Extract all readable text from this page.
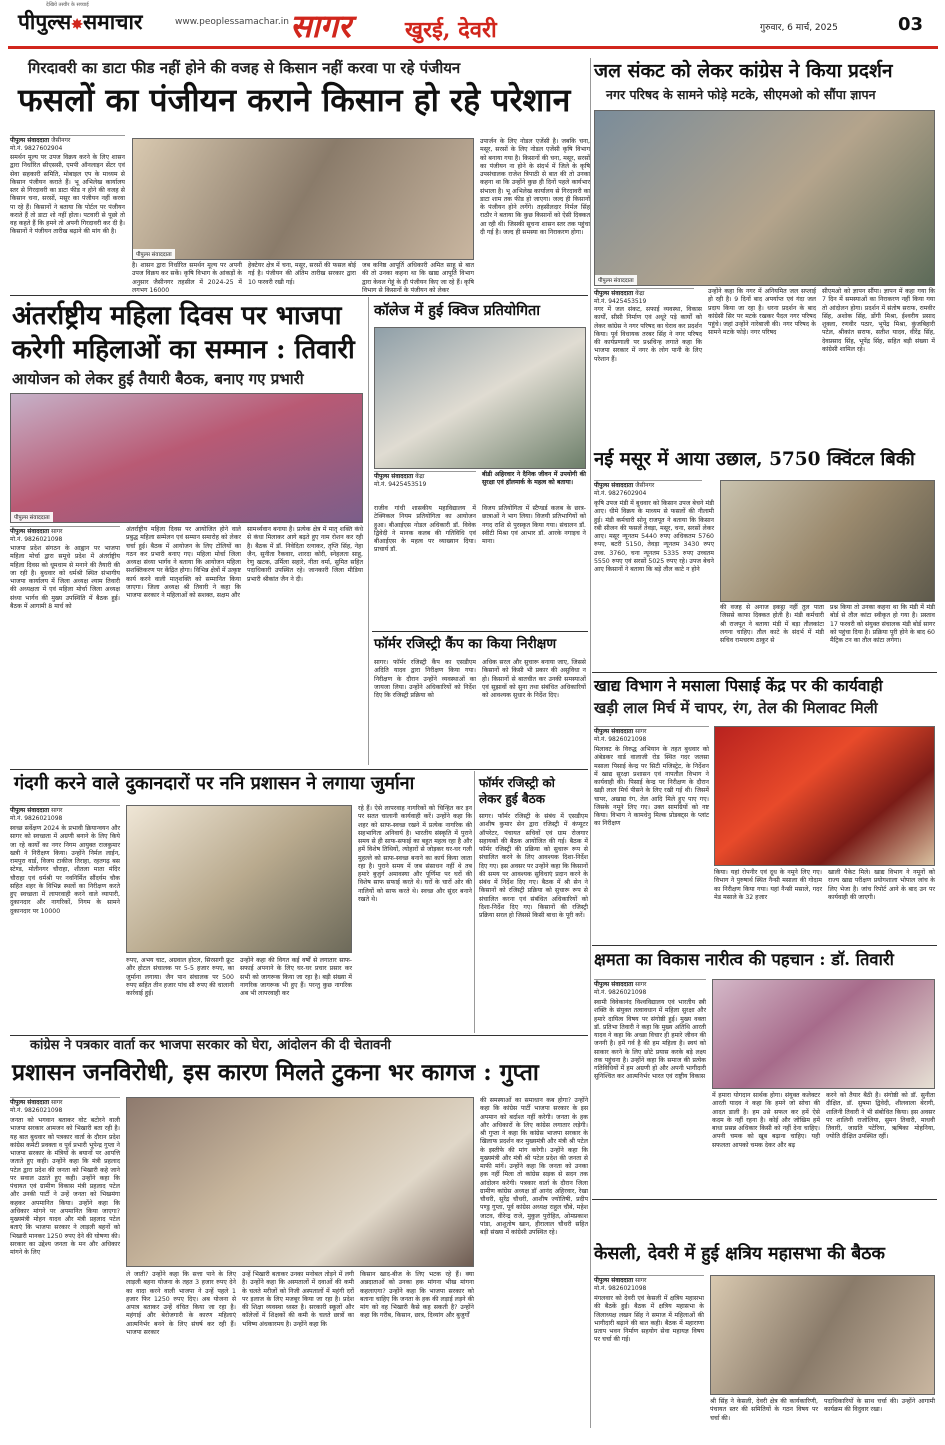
देखिये तस्वीर के सच्चाई
पीपुल्स✸समाचार	www.peoplessamachar.in सागर खुरई, देवरी	गुरुवार, 6 मार्च, 2025	03
गिरदावरी का डाटा फीड नहीं होने की वजह से किसान नहीं करवा पा रहे पंजीयन
फसलों का पंजीयन कराने किसान हो रहे परेशान
पीपुल्स संवाददाता जैसीनगर
मो.नं. 9827602904
समर्थन मूल्य पर उपज विक्रय करने के लिए शासन द्वारा निर्धारित सीएससी, एमपी ऑनलाइन सेंटर एवं सेवा सहकारी समिति, मोबाइल एप के माध्यम से किसान पंजीयन कराते हैं। भू अभिलेख कार्यालय स्तर से गिरदावरी का डाटा फीड न होने की वजह से किसान चना, सरसों, मसूर का पंजीयन नहीं करवा पा रहे हैं। किसानों ने बताया कि पोर्टल पर पंजीयन कराते हैं तो डाटा शो नहीं होता। पटवारी से पूछो तो वह कहते हैं कि हमने तो अपनी गिरदावरी कर दी है। किसानों ने पंजीयन तारीख बढ़ाने की मांग की है।
पीपुल्स संवाददाता
है। शासन द्वारा निर्धारित समर्थन मूल्य पर अपनी उपज विक्रय कर सकें। कृषि विभाग के आंकड़ों के अनुसार जैसीनगर तहसील में 2024-25 में लगभग 16000
हेक्टेयर क्षेत्र में चना, मसूर, सरसों की फसल बोई गई है। पंजीयन की अंतिम तारीख सरकार द्वारा 10 फरवरी रखी गई।
जब कनिष्ठ आपूर्ति अधिकारी अमित साहू से बात की तो उनका कहना था कि खाद्य आपूर्ति विभाग द्वारा केवल गेहूं के ही पंजीयन किए जा रहे हैं। कृषि विभाग से किसानों के पंजीयन को लेकर
उपार्जन के लिए नोडल एजेंसी है। जबकि चना, मसूर, सरसों के लिए नोडल एजेंसी कृषि विभाग को बनाया गया है। किसानों की चना, मसूर, सरसों का पंजीयन ना होने के संदर्भ में जिले के कृषि उपसंचालक राजेश त्रिपाठी से बात की तो उनका कहना था कि उन्होंने कुछ ही दिनों पहले कार्यभार संभाला है। भू अभिलेख कार्यालय से गिरदावरी का डाटा शाम तक फीड हो जाएगा। जल्द ही किसानों के पंजीयन होने लगेंगे। तहसीलदार निर्मल सिंह राठौर ने बताया कि कुछ किसानों को ऐसी दिक्कत आ रही थी। जिसकी सूचना शासन स्तर तक पहुंचा दी गई है। जल्द ही समस्या का निराकरण होगा।
जल संकट को लेकर कांग्रेस ने किया प्रदर्शन
नगर परिषद के सामने फोड़े मटके, सीएमओ को सौंपा ज्ञापन
पीपुल्स संवाददाता
पीपुल्स संवाददाता केंद्रा
मो.नं. 9425453519
नगर में जल संकट, सफाई व्यवस्था, विकास कार्यों, सीसी निर्माण एवं अधूरे पड़े कार्यों को लेकर कांग्रेस ने नगर परिषद का घेराव कर प्रदर्शन किया। पूर्व विधायक तरबर सिंह ने नगर परिषद की कार्यप्रणाली पर प्रश्नचिन्ह लगाते कहा कि भाजपा सरकार में नगर के लोग पानी के लिए परेशान हैं।
उन्होंने कहा कि नगर में अनियमित जल सप्लाई हो रही है। 9 दिनों बाद अपर्याप्त एवं गंदा जल प्रदाय किया जा रहा है। धरना प्रदर्शन के बाद कांग्रेसी सिर पर मटके रखकर पैदल नगर परिषद पहुंचे। जहां उन्होंने नारेबाजी की। नगर परिषद के सामने मटके फोड़े। नगर परिषद
सीएमओ को ज्ञापन सौंपा। ज्ञापन में कहा गया कि 7 दिन में समस्याओं का निराकरण नहीं किया गया तो आंदोलन होगा। प्रदर्शन में संतोष सराफ, रामवीर सिंह, अशोक सिंह, डोंगी मिश्रा, ईश्वरीय प्रसाद शुक्ला, रणवीर पठार, भूपेंद्र मिश्रा, कुंजबिहारी पटेल, श्रीकांत सराफ, सतीश यादव, वीरेंद्र सिंह, देवप्रसाद सिंह, भूपेंद्र सिंह, सहित बड़ी संख्या में कांग्रेसी शामिल रहे।
अंतर्राष्ट्रीय महिला दिवस पर भाजपा
करेगी महिलाओं का सम्मान : तिवारी
आयोजन को लेकर हुई तैयारी बैठक, बनाए गए प्रभारी
पीपुल्स संवाददाता
पीपुल्स संवाददाता सागर
मो.नं. 9826021098
भाजपा प्रदेश संगठन के आह्वान पर भाजपा महिला मोर्चा द्वारा समूचे प्रदेश में अंतर्राष्ट्रीय महिला दिवस को धूमधाम से मनाने की तैयारी की जा रही है। बुधवार को धर्मश्री स्थित संभागीय भाजपा कार्यालय में जिला अध्यक्ष श्याम तिवारी की अध्यक्षता में एवं महिला मोर्चा जिला अध्यक्ष संध्या भार्गव की मुख्य उपस्थिति में बैठक हुई। बैठक में आगामी 8 मार्च को
अंतर्राष्ट्रीय महिला दिवस पर आयोजित होने वाले प्रबुद्ध महिला सम्मेलन एवं सम्मान समारोह को लेकर चर्चा हुई। बैठक में आयोजन के लिए टोलियों का गठन कर प्रभारी बनाए गए। महिला मोर्चा जिला अध्यक्ष संध्या भार्गव ने बताया कि आयोजन महिला सशक्तिकरण पर केंद्रित होगा। विभिन्न क्षेत्रों में उत्कृष्ट कार्य करने वाली मातृशक्ति को सम्मानित किया जाएगा। जिला अध्यक्ष श्री तिवारी ने कहा कि भाजपा सरकार ने महिलाओं को सशक्त, सक्षम और
सामर्थ्यवान बनाया है। प्रत्येक क्षेत्र में मातृ शक्ति कंधे से कंधा मिलाकर आगे बढ़ते हुए नाम रोशन कर रही है। बैठक में डॉ. निवेदिता रत्नाकर, तृप्ति सिंह, नेहा जैन, सुनीता रैकवार, शारदा कोरी, स्नेहलता साहू, रेणु खटक, उर्मिला सहारे, नीता वर्मा, सुमित सहित पदाधिकारी उपस्थित रहे। जानकारी जिला मीडिया प्रभारी श्रीकांत जैन ने दी।
कॉलेज में हुई क्विज प्रतियोगिता
पीपुल्स संवाददाता केंद्रा
मो.नं. 9425453519
बीडी अहिरवार ने दैनिक जीवन में उपयोगी की सुरक्षा एवं हॉलमार्क के महत्व को बताया।
राजीव गांधी शासकीय महाविद्यालय में टेक्निकल नियम प्रतियोगिता का आयोजन हुआ। बीआईएस नोडल अधिकारी डॉ. विवेक द्विवेदी ने मानक कलब की गतिविधि एवं बीआईएस के महत्व पर व्याख्यान दिया। प्राचार्य डॉ.
विजय प्रतियोगिता में स्टैण्डर्ड कलब के छात्र-छात्राओं ने भाग लिया। विजयी प्रतिभागियों को नगद राशि से पुरस्कृत किया गया। संचालन डॉ. स्वीटी मिश्रा एवं आभार डॉ. आरके नगाइच ने माना।
फॉर्मर रजिस्ट्री कैंप का किया निरीक्षण
सागर। फॉर्मर रजिस्ट्री कैंप का एसडीएम अदिति यादव द्वारा निरीक्षण किया गया। निरीक्षण के दौरान उन्होंने व्यवस्थाओं का जायजा लिया। उन्होंने अधिकारियों को निर्देश दिए कि रजिस्ट्री प्रक्रिया को
अधिक सरल और सुचारू बनाया जाए, जिससे किसानों को किसी भी प्रकार की असुविधा न हो। किसानों से बातचीत कर उनकी समस्याओं एवं सुझावों को सुना तथा संबंधित अधिकारियों को आवश्यक सुधार के निर्देश दिए।
नई मसूर में आया उछाल, 5750 क्विंटल बिकी
पीपुल्स संवाददाता जैसीनगर
मो.नं. 9827602904
कृषि उपज मंडी में बुधवार को किसान उपज बेचने मंडी आए। धीमे विक्रय के माध्यम से फसलों की नीलामी हुई। मंडी कर्मचारी सोनू राजपूत ने बताया कि किसान रबी सीजन की फसलें तेवड़ा, मसूर, चना, सरसों लेकर आए। मसूर न्यूनतम 5440 रुपए अधिकतम 5760 रुपए, बटरी 5150, तेवड़ा न्यूनतम 3430 रुपए उच्च. 3760, चना न्यूनतम 5335 रुपए उच्चतम 5550 रुपए एवं सरसों 5025 रुपए रहे। उपज बेचने आए किसानों ने बताया कि बड़े तौल काटे न होने
की वजह से अनाज इकट्ठा नहीं तुल पाता जिससे काफा दिक्कत होती है। मंडी कर्मचारी श्री राजपूत ने बताया मंडी में बड़ा तौलकांटा लगना चाहिए। तौल काटे के संदर्भ में मंडी सचिव रामचरण ठाकुर से
प्रश्न किया तो उनका कहना था कि मंडी में मंडी बोर्ड से तौल कांटा स्वीकृत हो गया है। प्रस्ताव 17 फरवरी को संयुक्त संचालक मंडी बोर्ड सागर को पहुंचा दिया है। प्रक्रिया पूरी होने के बाद 60 मैट्रिक टन का तौल कांटा लगेगा।
खाद्य विभाग ने मसाला पिसाई केंद्र पर की कार्यवाही
खड़ी लाल मिर्च में चापर, रंग, तेल की मिलावट मिली
पीपुल्स संवाददाता सागर
मो.नं. 9826021098
मिलावट के विरुद्ध अभियान के तहत बुधवार को अंबेडकर वार्ड वालाजी रोड स्थित गदर जलसा मसाला पिसाई केन्द्र पर सिटी मजिस्ट्रेट, के निर्देशन में खाद्य सुरक्षा प्रशासन एवं नापतौल विभाग ने कार्यवाही की। पिसाई केन्द्र पर निरीक्षण के दौरान खड़ी लाल मिर्च पीसने के लिए रखी गई थी। जिसमें चापर, अखाद्य रंग, तेल आदि मिले हुए पाए गए। जिसके नमूने लिए गए। उक्त सामग्रियों को नष्ट किया। विभाग ने कामधेनु मिल्क प्रोडक्ट्स के प्लांट का निरीक्षण
किया। यहां रोपनीर एवं दूध के नमूने लिए गए। विभाग ने पुरुषार्थ स्थित नैन्सी मसाला की गोदाम का निरीक्षण किया गया। यहां नैन्सी मसाले, गदर मेड मसाले के 32 हजार
खाली पैकेट मिले। खाद्य विभाग ने नमूनों को राज्य खाद्य परीक्षण प्रयोगशाला भोपाल जांच के लिए भेजा है। जांच रिपोर्ट आने के बाद उन पर कार्यवाही की जाएगी।
गंदगी करने वाले दुकानदारों पर ननि प्रशासन ने लगाया जुर्माना
पीपुल्स संवाददाता सागर
मो.नं. 9826021098
स्वच्छ सर्वेक्षण 2024 के प्रभावी क्रियान्वयन और सागर को स्वच्छता में अग्रणी बनाने के लिए किये जा रहे कार्यों का नगर निगम आयुक्त राजकुमार खत्री ने निरीक्षण किया। उन्होंने निर्मल लाईन, रामपुरा वार्ड, विजय टाकीज तिराहा, रहतगढ़ बस स्टेण्ड, मोतीनगर चौराहा, शीतला माता मंदिर चौराहा एवं धर्मश्री पर नवनिर्मित सौंदर्यम चौक सहित शहर के विभिन्न स्थलों का निरीक्षण करते हुए स्वच्छता में लापरवाही करने वाले व्यापारी, दुकानदार और नागरिकों, निगम के सामने दुकानदार पर 10000
रुपए, अभय चाट, अग्रवाल होटल, सिरसागी फ्रूट और होटल संचालक पर 5-5 हजार रुपए, का जुर्माना लगाया। जैन पान संचालक पर 500 रुपए सहित तीन हजार पांच सौ रुपए की चालानी कार्रवाई हुई।
उन्होंने कहा की विगत कई वर्षों से लगातार साफ-सफाई अपनाने के लिए घर-घर प्रचार प्रसार कर सभी को जागरूक किया जा रहा है। बड़ी संख्या में नागरिक जागरूक भी हुए हैं। परन्तु कुछ नागरिक अब भी लापरवाही कर
रहे हैं। ऐसे लापरवाह नागरिकों को चिन्हित कर इन पर सतत चालानी कार्यवाही करें। उन्होंने कहा कि शहर को साफ-स्वच्छ रखने में प्रत्येक नागरिक की सहभागिता अनिवार्य है। भारतीय संस्कृति में पुराने समय से ही साफ-सफाई का बहुत महत्व रहा है और हमें विशेष तिथियों, त्योहारों से जोड़कर घर-घर गली मुहल्ले को साफ-स्वच्छ बनाने का कार्य किया जाता रहा है। पुराने समय में जब संसाधन नहीं थे तब हमारे बुजुर्ग अमावस्या और पूर्णिमा पर घरों की विशेष साफ सफाई करते थे। घरों के चारों ओर की नालियों को साफ करते थे। स्वच्छ और सुंदर बनाने रखते थे।
फॉर्मर रजिस्ट्री को
लेकर हुई बैठक
सागर। फॉर्मर रजिस्ट्री के संबंध में एसडीएम आशीष कुमार सेन द्वारा रजिस्ट्री में कंप्यूटर ऑपरेटर, पंचायत सचिवों एवं ग्राम रोजगार सहायकों की बैठक आयोजित की गई। बैठक में फॉर्मर रजिस्ट्री की प्रक्रिया को सुचारू रूप से संचालित करने के लिए आवश्यक दिशा-निर्देश दिए गए। इस अवसर पर उन्होंने कहा कि किसानों की समय पर आवश्यक सुविधाएं प्रदान करने के संबंध में निर्देश दिए गए। बैठक में श्री सेन ने किसानों को रजिस्ट्री प्रक्रिया को सुचारू रूप से संचालित करना एवं संबंधित अधिकारियों को दिशा-निर्देश दिए गए। किसानों की रजिस्ट्री प्रक्रिया सरल हो जिससे किसी बाधा के पूरी करें।
क्षमता का विकास नारीत्व की पहचान : डॉ. तिवारी
पीपुल्स संवाददाता सागर
मो.नं. 9826021098
स्वामी विवेकानंद विश्वविद्यालय एवं भारतीय स्त्री शक्ति के संयुक्त तत्वावधान में महिला सुरक्षा और हमारे दायित्व विषय पर संगोष्ठी हुई। मुख्य वक्ता डॉ. प्रतिभा तिवारी ने कहा कि मुख्य अतिथि आरती यादव ने कहा कि अच्छा विचार ही हमारे जीवन की जननी है। हमें गर्व है की हम महिला है। स्वयं को साकार करने के लिए छोटे प्रयास करके बड़े लक्ष्य तक पहुंचना है। उन्होंने कहा कि समाज की प्रत्येक गतिविधियों में हम अग्रणी हो और अपनी भागीदारी सुनिश्चित कर आत्मनिर्भर भारत एवं राष्ट्रीय विकास
में हमारा योगदान सार्थक होगा। संयुक्त कलेक्टर आरती यादव ने कहा कि हमने जो सोचा की आदत डाली है। हम उसे सफल कर हमें ऐसे कदम के नहीं रहना है। कोई और जोखिम हमें बाधा प्रसन्न अधिकार किसी को नहीं देना चाहिए। अपनी चमक को खूब बढ़ाना चाहिए। यही सफलता आपको चमक देकर और बढ़
करने को तैयार बैठी है। संगोष्ठी को डॉ. सुनीता दीक्षित, डॉ. सुषमा द्विवेदी, शीलवाला बेरागी, शालिनी तिवारी ने भी संबोधित किया। इस अवसर पर शालिनी राजोलिया, सुमन तिवारी, माधवी तिवारी, जाग्रति पटेरिया, ऋषिका मोहनिया, ज्योति दीक्षित उपस्थित रहीं।
कांग्रेस ने पत्रकार वार्ता कर भाजपा सरकार को घेरा, आंदोलन की दी चेतावनी
प्रशासन जनविरोधी, इस कारण मिलते टुकना भर कागज : गुप्ता
पीपुल्स संवाददाता सागर
मो.नं. 9826021098
जनता को भगवान बताकर वोट बटोरने वाली भाजपा सरकार आमजन को भिखारी बता रही है। यह बात बुधवार को पत्रकार वार्ता के दौरान प्रदेश कांग्रेस कमेटी प्रवक्ता व पूर्व प्रभारी भूपेन्द्र गुप्ता ने भाजपा सरकार के मंत्रियों के बयानों पर आपत्ति जताते हुए कही। उन्होंने कहा कि मंत्री प्रहलाद पटेल द्वारा प्रदेश की जनता को भिखारी कहे जाने पर सवाल उठाते हुए कही। उन्होंने कहा कि पंचायत एवं ग्रामीण विकास मंत्री प्रहलाद पटेल और उनकी पार्टी ने उन्हें जनता को भिखमंगा कहकर अपमानित किया। उन्होंने कहा कि अधिकार मांगने पर अपमानित किया जाएगा? मुख्यमंत्री मोहन यादव और मंत्री प्रहलाद पटेल बताएं कि भाजपा सरकार ने लाड़ली बहनों को भिखारी मानकर 1250 रुपए देने की घोषणा की। सरकार का उद्देश्य जनता के मन और अधिकार मांगने के लिए
ले जाती? उन्होंने कहा कि सत्ता पाने के लिए लाड़ली बहना योजना के तहत 3 हजार रुपए देने का वादा करने वाली भाजपा ने उन्हें पहले 1 हजार फिर 1250 रुपए दिए। अब योजना से अपात्र बताकर उन्हें वंचित किया जा रहा है। महंगाई और बेरोजगारी के कारण महिलाएं आत्मनिर्भर बनने के लिए संघर्ष कर रही हैं। भाजपा सरकार
उन्हें भिखारी बताकर उनका मनोबल तोड़ने में लगी है। उन्होंने कहा कि अस्पतालों में दवाओं की कमी के चलते मरीजों को निजी अस्पतालों में महंगी दरों पर इलाज के लिए मजबूर किया जा रहा है। प्रदेश की शिक्षा व्यवस्था ध्वस्त है। सरकारी स्कूलों और कॉलेजों में शिक्षकों की कमी के चलते छात्रों का भविष्य अंधकारमय है। उन्होंने कहा कि
किसान खाद-बीज के लिए भटक रहे हैं। क्या अन्नदाताओं को उनका हक मांगना भीख मांगना कहलाएगा? उन्होंने कहा कि भाजपा सरकार को बताना चाहिए कि जनता के हक की लड़ाई लड़ने की मांग को वह भिखारी कैसे कह सकती है? उन्होंने कहा कि गरीब, किसान, छात्र, दिव्यांग और बुजुर्गों
की समस्याओं का समाधान कब होगा? उन्होंने कहा कि कांग्रेस पार्टी भाजपा सरकार के इस अपमान को बर्दाश्त नहीं करेगी। जनता के हक और अधिकारों के लिए कांग्रेस लगातार लड़ेगी। श्री गुप्ता ने कहा कि कांग्रेस भाजपा सरकार के खिलाफ प्रदर्शन कर मुख्यमंत्री और मंत्री श्री पटेल के इस्तीफे की मांग करेगी। उन्होंने कहा कि मुख्यमंत्री और मंत्री श्री पटेल प्रदेश की जनता से माफी मांगें। उन्होंने कहा कि जनता को उनका हक नहीं मिला तो कांग्रेस सड़क से सदन तक आंदोलन करेगी। पत्रकार वार्ता के दौरान जिला ग्रामीण कांग्रेस अध्यक्ष डॉ आनंद अहिरवार, रेखा चौधरी, सुरेंद्र चौधरी, आशीष ज्योतिषी, प्रदीप पण्डु गुप्ता, पूर्व कांग्रेस अध्यक्ष राहुल चौबे, महेश जाटव, वीरेन्द्र राजे, मुकुल पुरोहित, ओमप्रकाश पांडा, आशुतोष खान, हीरालाल चौधरी सहित बड़ी संख्या में कांग्रेसी उपस्थित रहे।
केसली, देवरी में हुई क्षत्रिय महासभा की बैठक
पीपुल्स संवाददाता सागर
मो.नं. 9826021098
मंगलवार को देवरी एवं केसली में क्षत्रिय महासभा की बैठकें हुईं। बैठक में क्षत्रिय महासभा के जिलाध्यक्ष लखन सिंह ने समाज में महिलाओं की भागीदारी बढ़ाने की बात कही। बैठक में महाराणा प्रताप भवन निर्माण सहयोग सेवा महायज्ञ विषय पर चर्चा की गई।
श्री सिंह ने केसली, देवरी क्षेत्र की कार्यकारिणी, पंचायत स्तर की समितियों के गठन विषय पर चर्चा की।
पदाधिकारियों के साथ चर्चा की। उन्होंने आगामी कार्यक्रम की विदुवार रखा।
